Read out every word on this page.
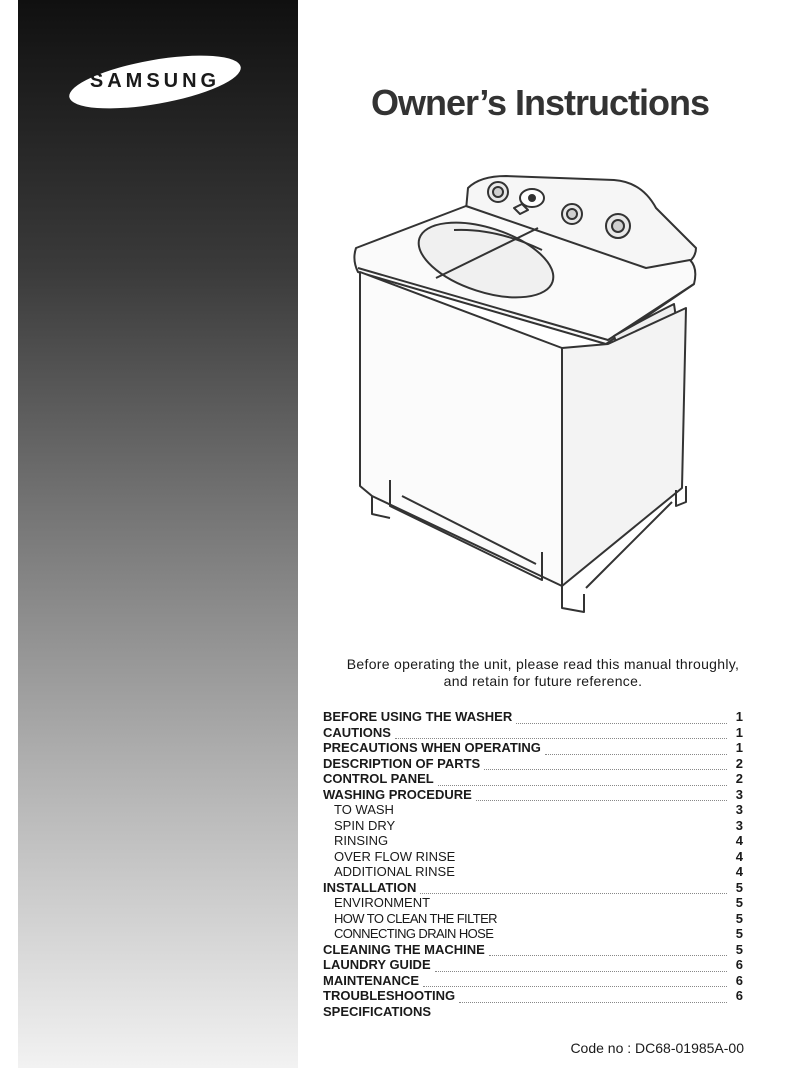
SAMSUNG
Owner’s Instructions
Before operating the unit, please read this manual throughly,
and retain for future reference.
BEFORE USING THE WASHER	1
CAUTIONS	1
PRECAUTIONS WHEN OPERATING	1
DESCRIPTION OF PARTS	2
CONTROL PANEL	2
WASHING PROCEDURE	3
TO WASH	3
SPIN DRY	3
RINSING	4
OVER FLOW RINSE	4
ADDITIONAL RINSE	4
INSTALLATION	5
ENVIRONMENT	5
HOW TO CLEAN THE FILTER	5
CONNECTING DRAIN HOSE	5
CLEANING THE MACHINE	5
LAUNDRY GUIDE	6
MAINTENANCE	6
TROUBLESHOOTING	6
SPECIFICATIONS
Code no : DC68-01985A-00
